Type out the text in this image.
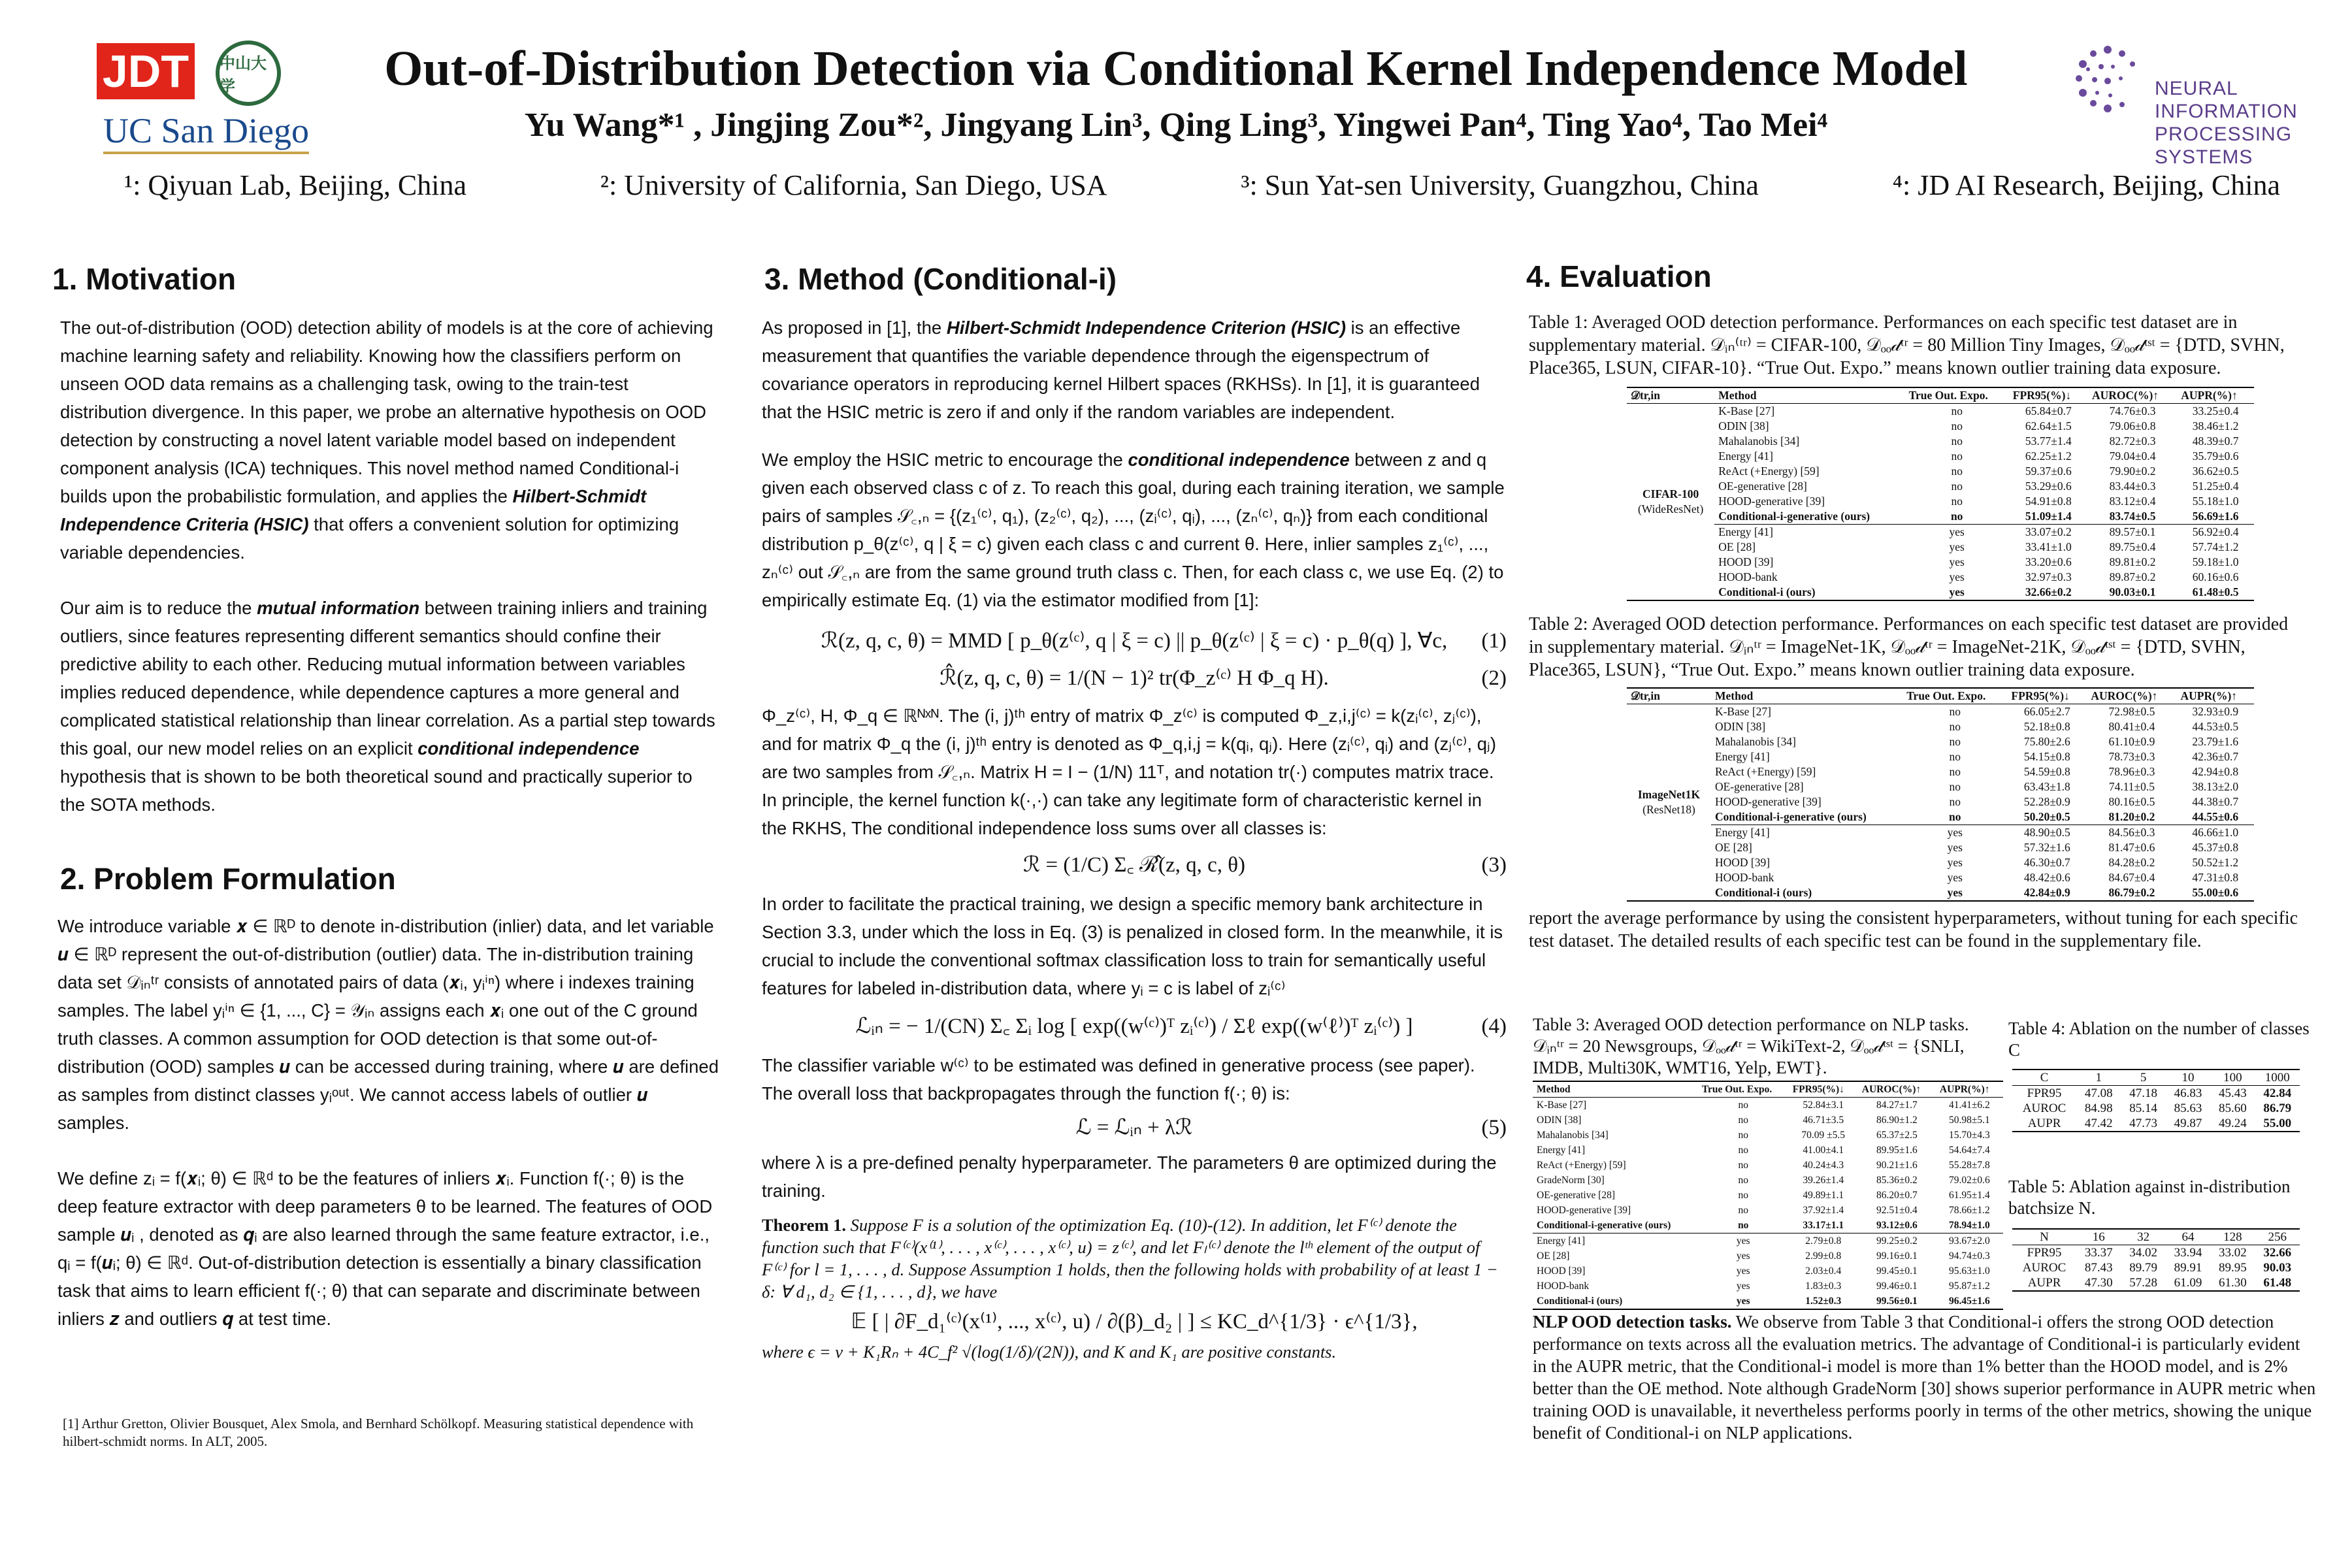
JDT	中山大学
UC San Diego
NEURAL INFORMATION
PROCESSING SYSTEMS
Out-of-Distribution Detection via Conditional Kernel Independence Model
Yu Wang*¹ , Jingjing Zou*², Jingyang Lin³, Qing Ling³, Yingwei Pan⁴, Ting Yao⁴, Tao Mei⁴
¹: Qiyuan Lab, Beijing, China	²: University of California, San Diego, USA	³: Sun Yat-sen University, Guangzhou, China	⁴: JD AI Research, Beijing, China
1. Motivation

The out-of-distribution (OOD) detection ability of models is at the core of achieving machine learning safety and reliability. Knowing how the classifiers perform on unseen OOD data remains as a challenging task, owing to the train-test distribution divergence. In this paper, we probe an alternative hypothesis on OOD detection by constructing a novel latent variable model based on independent component analysis (ICA) techniques. This novel method named Conditional-i builds upon the probabilistic formulation, and applies the Hilbert-Schmidt Independence Criteria (HSIC) that offers a convenient solution for optimizing variable dependencies.

Our aim is to reduce the mutual information between training inliers and training outliers, since features representing different semantics should confine their predictive ability to each other. Reducing mutual information between variables implies reduced dependence, while dependence captures a more general and complicated statistical relationship than linear correlation. As a partial step towards this goal, our new model relies on an explicit conditional independence hypothesis that is shown to be both theoretical sound and practically superior to the SOTA methods.

2. Problem Formulation

We introduce variable 𝒙 ∈ ℝᴰ to denote in-distribution (inlier) data, and let variable 𝒖 ∈ ℝᴰ represent the out-of-distribution (outlier) data. The in-distribution training data set 𝒟ᵢₙᵗʳ consists of annotated pairs of data (𝒙ᵢ, yᵢⁱⁿ) where i indexes training samples. The label yᵢⁱⁿ ∈ {1, ..., C} = 𝒴ᵢₙ assigns each 𝒙ᵢ one out of the C ground truth classes. A common assumption for OOD detection is that some out-of-distribution (OOD) samples 𝒖 can be accessed during training, where 𝒖 are defined as samples from distinct classes yᵢᵒᵘᵗ. We cannot access labels of outlier 𝒖 samples.

We define zᵢ = f(𝒙ᵢ; θ) ∈ ℝᵈ to be the features of inliers 𝒙ᵢ. Function f(·; θ) is the deep feature extractor with deep parameters θ to be learned. The features of OOD sample 𝒖ᵢ , denoted as 𝒒ᵢ are also learned through the same feature extractor, i.e., qᵢ = f(𝒖ᵢ; θ) ∈ ℝᵈ. Out-of-distribution detection is essentially a binary classification task that aims to learn efficient f(·; θ) that can separate and discriminate between inliers 𝒛 and outliers 𝒒 at test time.

[1] Arthur Gretton, Olivier Bousquet, Alex Smola, and Bernhard Schölkopf. Measuring statistical dependence with hilbert-schmidt norms. In ALT, 2005.
3. Method (Conditional-i)

As proposed in [1], the Hilbert-Schmidt Independence Criterion (HSIC) is an effective measurement that quantifies the variable dependence through the eigenspectrum of covariance operators in reproducing kernel Hilbert spaces (RKHSs). In [1], it is guaranteed that the HSIC metric is zero if and only if the random variables are independent.

We employ the HSIC metric to encourage the conditional independence between z and q given each observed class c of z. To reach this goal, during each training iteration, we sample pairs of samples 𝒮꜀,ₙ = {(z₁⁽ᶜ⁾, q₁), (z₂⁽ᶜ⁾, q₂), ..., (zᵢ⁽ᶜ⁾, qᵢ), ..., (zₙ⁽ᶜ⁾, qₙ)} from each conditional distribution p_θ(z⁽ᶜ⁾, q | ξ = c) given each class c and current θ. Here, inlier samples z₁⁽ᶜ⁾, ..., zₙ⁽ᶜ⁾ out 𝒮꜀,ₙ are from the same ground truth class c. Then, for each class c, we use Eq. (2) to empirically estimate Eq. (1) via the estimator modified from [1]:

ℛ(z, q, c, θ) = MMD [ p_θ(z⁽ᶜ⁾, q | ξ = c) || p_θ(z⁽ᶜ⁾ | ξ = c) · p_θ(q) ], ∀c, (1)
ℛ̂(z, q, c, θ) = 1/(N − 1)² tr(Φ_z⁽ᶜ⁾ H Φ_q H).	(2)

Φ_z⁽ᶜ⁾, H, Φ_q ∈ ℝᴺˣᴺ. The (i, j)ᵗʰ entry of matrix Φ_z⁽ᶜ⁾ is computed Φ_z,i,j⁽ᶜ⁾ = k(zᵢ⁽ᶜ⁾, zⱼ⁽ᶜ⁾), and for matrix Φ_q the (i, j)ᵗʰ entry is denoted as Φ_q,i,j = k(qᵢ, qⱼ). Here (zᵢ⁽ᶜ⁾, qᵢ) and (zⱼ⁽ᶜ⁾, qⱼ) are two samples from 𝒮꜀,ₙ. Matrix H = I − (1/N) 11ᵀ, and notation tr(·) computes matrix trace. In principle, the kernel function k(·,·) can take any legitimate form of characteristic kernel in the RKHS, The conditional independence loss sums over all classes is:

ℛ = (1/C) Σ꜀ ℛ̂(z, q, c, θ)	(3)

In order to facilitate the practical training, we design a specific memory bank architecture in Section 3.3, under which the loss in Eq. (3) is penalized in closed form. In the meanwhile, it is crucial to include the conventional softmax classification loss to train for semantically useful features for labeled in-distribution data, where yᵢ = c is label of zᵢ⁽ᶜ⁾

ℒᵢₙ = − 1/(CN) Σ꜀ Σᵢ log [ exp((w⁽ᶜ⁾)ᵀ zᵢ⁽ᶜ⁾) / Σℓ exp((w⁽ℓ⁾)ᵀ zᵢ⁽ᶜ⁾) ]	(4)

The classifier variable w⁽ᶜ⁾ to be estimated was defined in generative process (see paper). The overall loss that backpropagates through the function f(·; θ) is:

ℒ = ℒᵢₙ + λℛ	(5)

where λ is a pre-defined penalty hyperparameter. The parameters θ are optimized during the training.

Theorem 1. Suppose F is a solution of the optimization Eq. (10)-(12). In addition, let F⁽ᶜ⁾ denote the function such that F⁽ᶜ⁾(x⁽¹⁾, . . . , x⁽ᶜ⁾, . . . , x⁽ᶜ⁾, u) = z⁽ᶜ⁾, and let Fₗ⁽ᶜ⁾ denote the lᵗʰ element of the output of F⁽ᶜ⁾ for l = 1, . . . , d. Suppose Assumption 1 holds, then the following holds with probability of at least 1 − δ: ∀ d₁, d₂ ∈ {1, . . . , d}, we have
𝔼 [ | ∂F_d₁⁽ᶜ⁾(x⁽¹⁾, ..., x⁽ᶜ⁾, u) / ∂(β)_d₂ | ] ≤ KC_d^{1/3} · ϵ^{1/3},
where ϵ = ν + K₁Rₙ + 4C_f² √(log(1/δ)/(2N)), and K and K₁ are positive constants.
4. Evaluation
Table 1: Averaged OOD detection performance. Performances on each specific test dataset are in supplementary material. 𝒟ᵢₙ⁽ᵗʳ⁾ = CIFAR-100, 𝒟ₒₒ𝒹ᵗʳ = 80 Million Tiny Images, 𝒟ₒₒ𝒹ᵗˢᵗ = {DTD, SVHN, Place365, LSUN, CIFAR-10}. “True Out. Expo.” means known outlier training data exposure.
𝒟tr,in	Method	True Out. Expo.	FPR95(%)↓	AUROC(%)↑	AUPR(%)↑

CIFAR-100
(WideResNet)	K-Base [27]	no	65.84±0.7	74.76±0.3	33.25±0.4
	ODIN [38]	no	62.64±1.5	79.06±0.8	38.46±1.2
	Mahalanobis [34]	no	53.77±1.4	82.72±0.3	48.39±0.7
	Energy [41]	no	62.25±1.2	79.04±0.4	35.79±0.6
	ReAct (+Energy) [59]	no	59.37±0.6	79.90±0.2	36.62±0.5
	OE-generative [28]	no	53.29±0.6	83.44±0.3	51.25±0.4
	HOOD-generative [39]	no	54.91±0.8	83.12±0.4	55.18±1.0
	Conditional-i-generative (ours)	no	51.09±1.4	83.74±0.5	56.69±1.6
	Energy [41]	yes	33.07±0.2	89.57±0.1	56.92±0.4
	OE [28]	yes	33.41±1.0	89.75±0.4	57.74±1.2
	HOOD [39]	yes	33.20±0.6	89.81±0.2	59.18±1.0
	HOOD-bank	yes	32.97±0.3	89.87±0.2	60.16±0.6
	Conditional-i (ours)	yes	32.66±0.2	90.03±0.1	61.48±0.5
Table 2: Averaged OOD detection performance. Performances on each specific test dataset are provided in supplementary material. 𝒟ᵢₙᵗʳ = ImageNet-1K, 𝒟ₒₒ𝒹ᵗʳ = ImageNet-21K, 𝒟ₒₒ𝒹ᵗˢᵗ = {DTD, SVHN, Place365, LSUN}, “True Out. Expo.” means known outlier training data exposure.
𝒟tr,in	Method	True Out. Expo.	FPR95(%)↓	AUROC(%)↑	AUPR(%)↑

ImageNet1K
(ResNet18)	K-Base [27]	no	66.05±2.7	72.98±0.5	32.93±0.9
	ODIN [38]	no	52.18±0.8	80.41±0.4	44.53±0.5
	Mahalanobis [34]	no	75.80±2.6	61.10±0.9	23.79±1.6
	Energy [41]	no	54.15±0.8	78.73±0.3	42.36±0.7
	ReAct (+Energy) [59]	no	54.59±0.8	78.96±0.3	42.94±0.8
	OE-generative [28]	no	63.43±1.8	74.11±0.5	38.13±2.0
	HOOD-generative [39]	no	52.28±0.9	80.16±0.5	44.38±0.7
	Conditional-i-generative (ours)	no	50.20±0.5	81.20±0.2	44.55±0.6
	Energy [41]	yes	48.90±0.5	84.56±0.3	46.66±1.0
	OE [28]	yes	57.32±1.6	81.47±0.6	45.37±0.8
	HOOD [39]	yes	46.30±0.7	84.28±0.2	50.52±1.2
	HOOD-bank	yes	48.42±0.6	84.67±0.4	47.31±0.8
	Conditional-i (ours)	yes	42.84±0.9	86.79±0.2	55.00±0.6
report the average performance by using the consistent hyperparameters, without tuning for each specific test dataset. The detailed results of each specific test can be found in the supplementary file.
Table 3: Averaged OOD detection performance on NLP tasks. 𝒟ᵢₙᵗʳ = 20 Newsgroups, 𝒟ₒₒ𝒹ᵗʳ = WikiText-2, 𝒟ₒₒ𝒹ᵗˢᵗ = {SNLI, IMDB, Multi30K, WMT16, Yelp, EWT}.
Method	True Out. Expo.	FPR95(%)↓	AUROC(%)↑	AUPR(%)↑
K-Base [27]	no	52.84±3.1	84.27±1.7	41.41±6.2
ODIN [38]	no	46.71±3.5	86.90±1.2	50.98±5.1
Mahalanobis [34]	no	70.09 ±5.5	65.37±2.5	15.70±4.3
Energy [41]	no	41.00±4.1	89.95±1.6	54.64±7.4
ReAct (+Energy) [59]	no	40.24±4.3	90.21±1.6	55.28±7.8
GradeNorm [30]	no	39.26±1.4	85.36±0.2	79.02±0.6
OE-generative [28]	no	49.89±1.1	86.20±0.7	61.95±1.4
HOOD-generative [39]	no	37.92±1.4	92.51±0.4	78.66±1.2
Conditional-i-generative (ours)	no	33.17±1.1	93.12±0.6	78.94±1.0
Energy [41]	yes	2.79±0.8	99.25±0.2	93.67±2.0
OE [28]	yes	2.99±0.8	99.16±0.1	94.74±0.3
HOOD [39]	yes	2.03±0.4	99.45±0.1	95.63±1.0
HOOD-bank	yes	1.83±0.3	99.46±0.1	95.87±1.2
Conditional-i (ours)	yes	1.52±0.3	99.56±0.1	96.45±1.6
Table 4: Ablation on the number of classes C
C	1	5	10	100	1000
FPR95	47.08	47.18	46.83	45.43	42.84
AUROC	84.98	85.14	85.63	85.60	86.79
AUPR	47.42	47.73	49.87	49.24	55.00
Table 5: Ablation against in-distribution batchsize N.
N	16	32	64	128	256
FPR95	33.37	34.02	33.94	33.02	32.66
AUROC	87.43	89.79	89.91	89.95	90.03
AUPR	47.30	57.28	61.09	61.30	61.48
NLP OOD detection tasks. We observe from Table 3 that Conditional-i offers the strong OOD detection performance on texts across all the evaluation metrics. The advantage of Conditional-i is particularly evident in the AUPR metric, that the Conditional-i model is more than 1% better than the HOOD model, and is 2% better than the OE method. Note although GradeNorm [30] shows superior performance in AUPR metric when training OOD is unavailable, it nevertheless performs poorly in terms of the other metrics, showing the unique benefit of Conditional-i on NLP applications.
